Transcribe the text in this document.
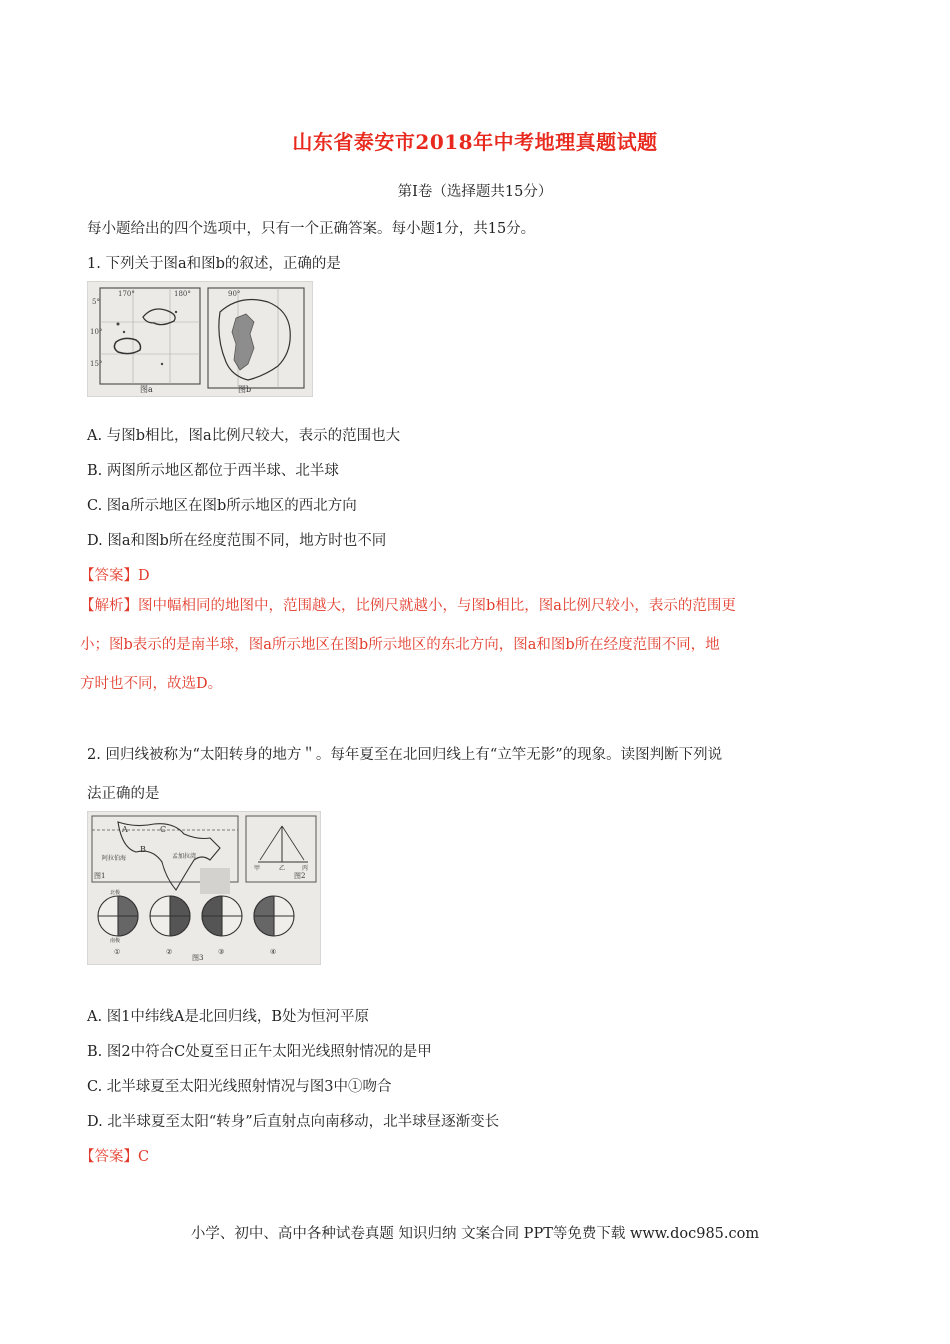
山东省泰安市2018年中考地理真题试题
第Ⅰ卷（选择题共15分）
每小题给出的四个选项中，只有一个正确答案。每小题1分，共15分。
1. 下列关于图a和图b的叙述，正确的是
170°	180°
5°
10°
15°
图a
90°
图b
A. 与图b相比，图a比例尺较大，表示的范围也大
B. 两图所示地区都位于西半球、北半球
C. 图a所示地区在图b所示地区的西北方向
D. 图a和图b所在经度范围不同，地方时也不同
【答案】D
【解析】图中幅相同的地图中，范围越大，比例尺就越小，与图b相比，图a比例尺较小，表示的范围更
小；图b表示的是南半球，图a所示地区在图b所示地区的东北方向，图a和图b所在经度范围不同，地
方时也不同，故选D。
2. 回归线被称为“太阳转身的地方＂。每年夏至在北回归线上有“立竿无影”的现象。读图判断下列说
法正确的是
A	C
B
阿拉伯海	孟加拉湾
图1
甲	乙	丙
图2
北极
南极
①	②	③	④
图3
A. 图1中纬线A是北回归线，B处为恒河平原
B. 图2中符合C处夏至日正午太阳光线照射情况的是甲
C. 北半球夏至太阳光线照射情况与图3中①吻合
D. 北半球夏至太阳“转身”后直射点向南移动，北半球昼逐渐变长
【答案】C
小学、初中、高中各种试卷真题 知识归纳 文案合同 PPT等免费下载 www.doc985.com
